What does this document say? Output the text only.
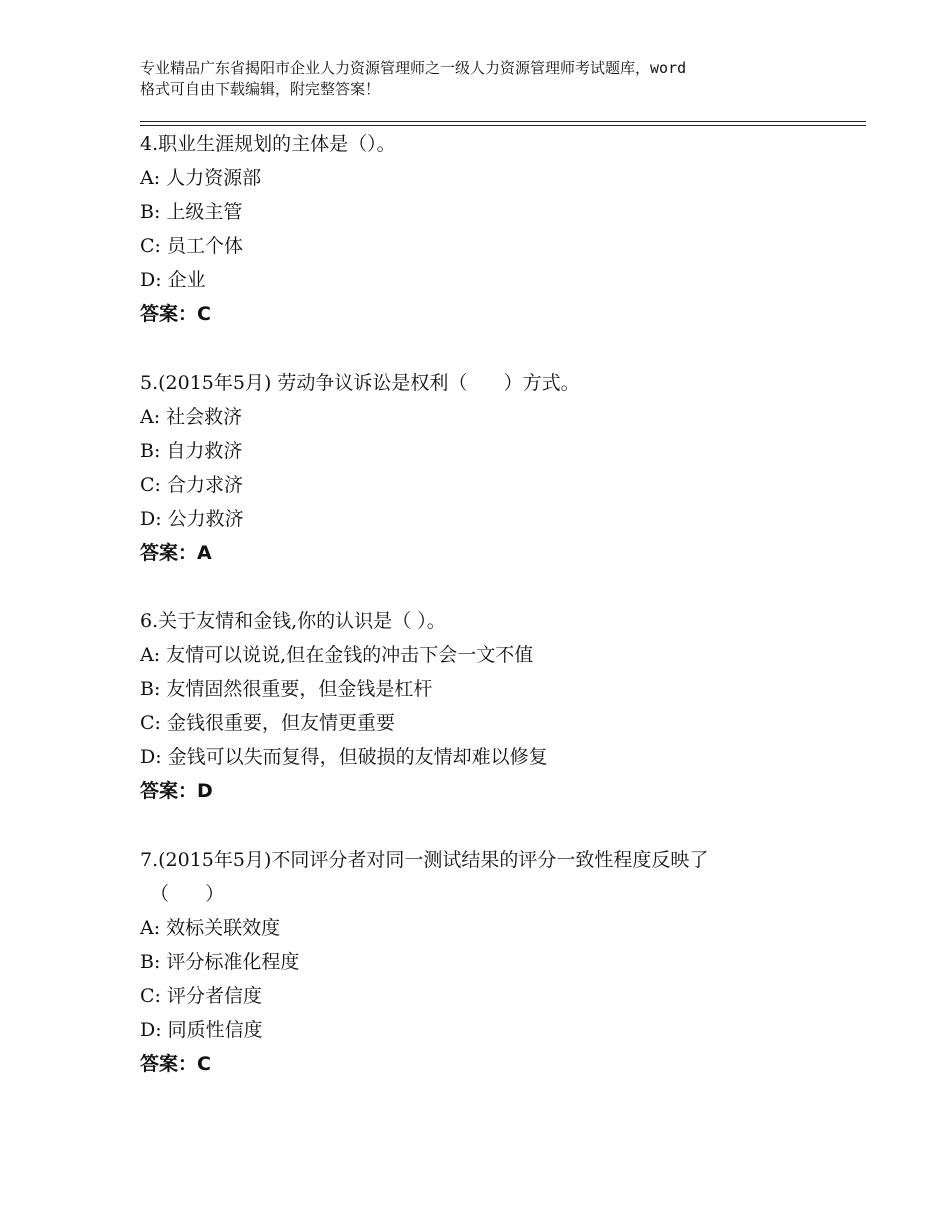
专业精品广东省揭阳市企业人力资源管理师之一级人力资源管理师考试题库，word
格式可自由下载编辑，附完整答案！
4.职业生涯规划的主体是（）。
A: 人力资源部
B: 上级主管
C: 员工个体
D: 企业
答案：C
5.(2015年5月) 劳动争议诉讼是权利（      ）方式。
A: 社会救济
B: 自力救济
C: 合力求济
D: 公力救济
答案：A
6.关于友情和金钱,你的认识是（ ）。
A: 友情可以说说,但在金钱的冲击下会一文不值
B: 友情固然很重要，但金钱是杠杆
C: 金钱很重要，但友情更重要
D: 金钱可以失而复得，但破损的友情却难以修复
答案：D
7.(2015年5月)不同评分者对同一测试结果的评分一致性程度反映了
（      ）
A: 效标关联效度
B: 评分标准化程度
C: 评分者信度
D: 同质性信度
答案：C
